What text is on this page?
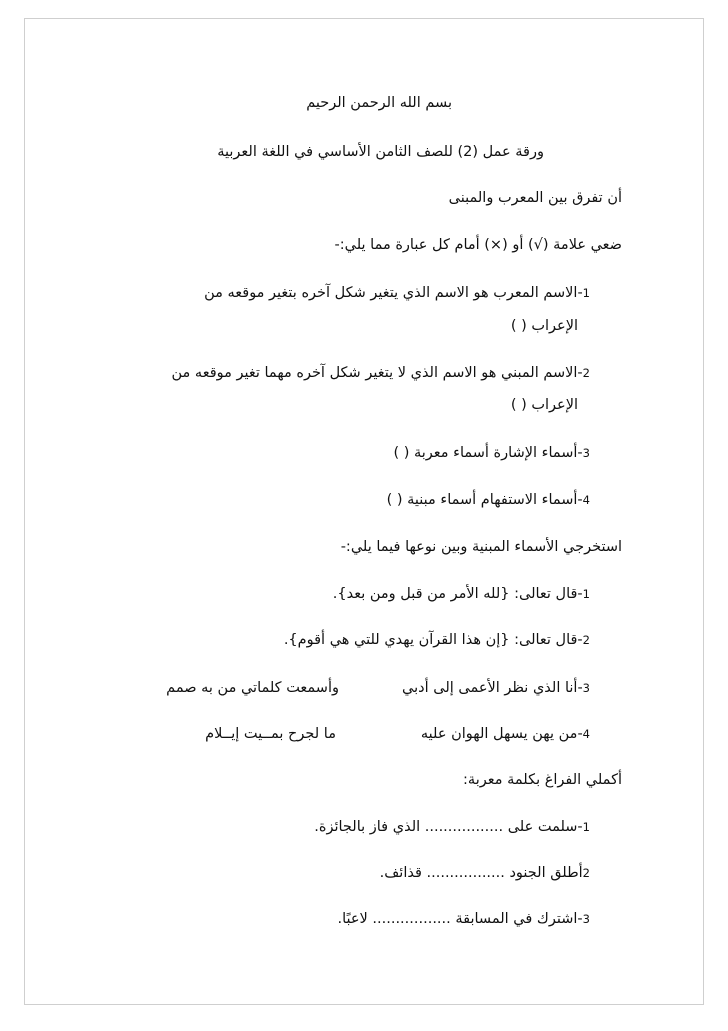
بسم الله الرحمن الرحيم
ورقة عمل (2) للصف الثامن الأساسي في اللغة العربية
أن تفرق بين المعرب والمبنى
ضعي علامة (√) أو (×) أمام كل عبارة مما يلي:-
1-الاسم المعرب هو الاسم الذي يتغير شكل آخره بتغير موقعه من
الإعراب ( )
2-الاسم المبني هو الاسم الذي لا يتغير شكل آخره مهما تغير موقعه من
الإعراب ( )
3-أسماء الإشارة أسماء معربة ( )
4-أسماء الاستفهام أسماء مبنية ( )
استخرجي الأسماء المبنية وبين نوعها فيما يلي:-
1-قال تعالى: {لله الأمر من قبل ومن بعد}.
2-قال تعالى: {إن هذا القرآن يهدي للتي هي أقوم}.
3-أنا الذي نظر الأعمى إلى أدبي
وأسمعت كلماتي من به صمم
4-من يهن يسهل الهوان عليه
ما لجرح بمــيت إيــلام
أكملي الفراغ بكلمة معربة:
1-سلمت على ................. الذي فاز بالجائزة.
2أطلق الجنود ................. قذائف.
3-اشترك في المسابقة ................. لاعبًا.
